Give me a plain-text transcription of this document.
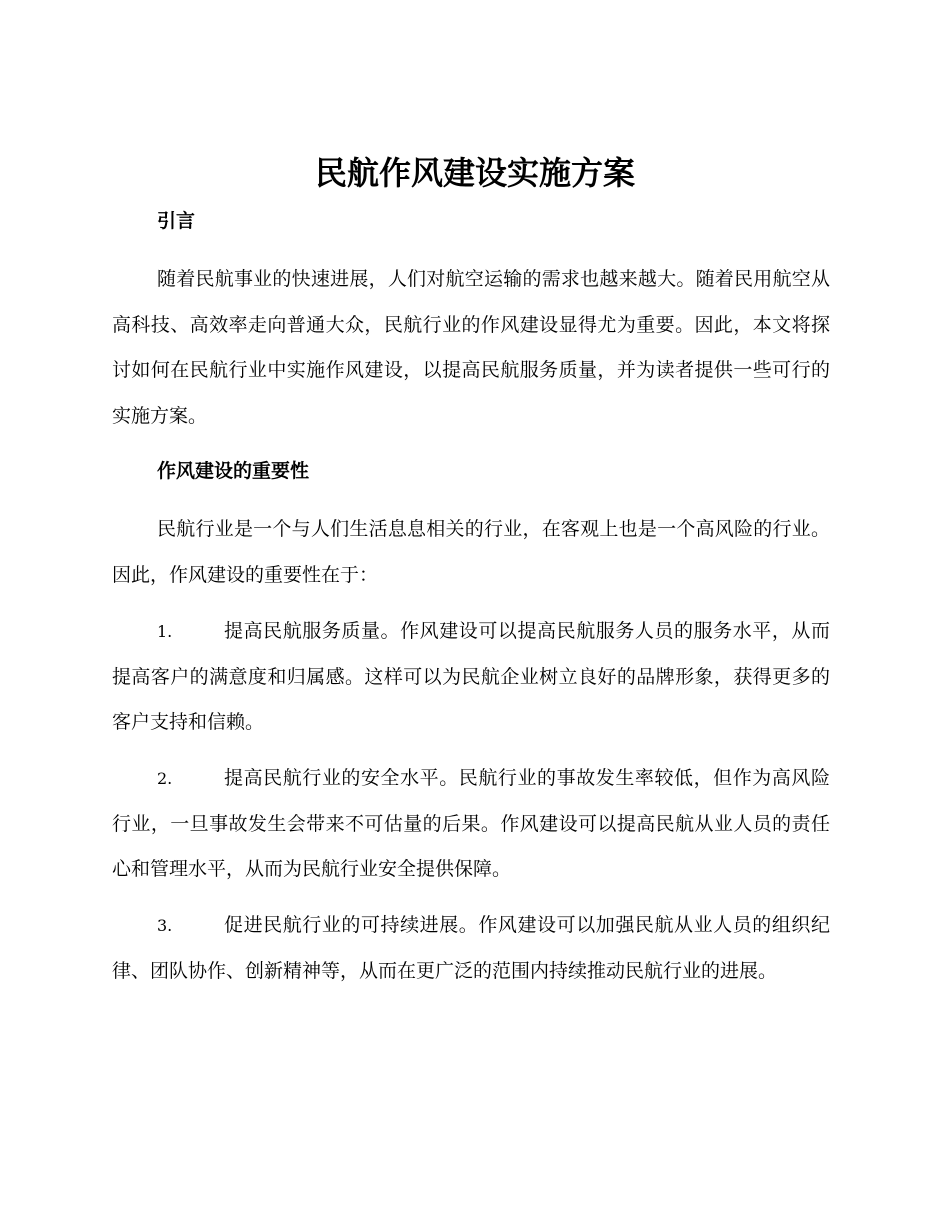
民航作风建设实施方案
引言

随着民航事业的快速进展，人们对航空运输的需求也越来越大。随着民用航空从高科技、高效率走向普通大众，民航行业的作风建设显得尤为重要。因此，本文将探讨如何在民航行业中实施作风建设，以提高民航服务质量，并为读者提供一些可行的实施方案。

作风建设的重要性

民航行业是一个与人们生活息息相关的行业，在客观上也是一个高风险的行业。因此，作风建设的重要性在于：

1.	提高民航服务质量。作风建设可以提高民航服务人员的服务水平，从而提高客户的满意度和归属感。这样可以为民航企业树立良好的品牌形象，获得更多的客户支持和信赖。

2.	提高民航行业的安全水平。民航行业的事故发生率较低，但作为高风险行业，一旦事故发生会带来不可估量的后果。作风建设可以提高民航从业人员的责任心和管理水平，从而为民航行业安全提供保障。

3.	促进民航行业的可持续进展。作风建设可以加强民航从业人员的组织纪律、团队协作、创新精神等，从而在更广泛的范围内持续推动民航行业的进展。
